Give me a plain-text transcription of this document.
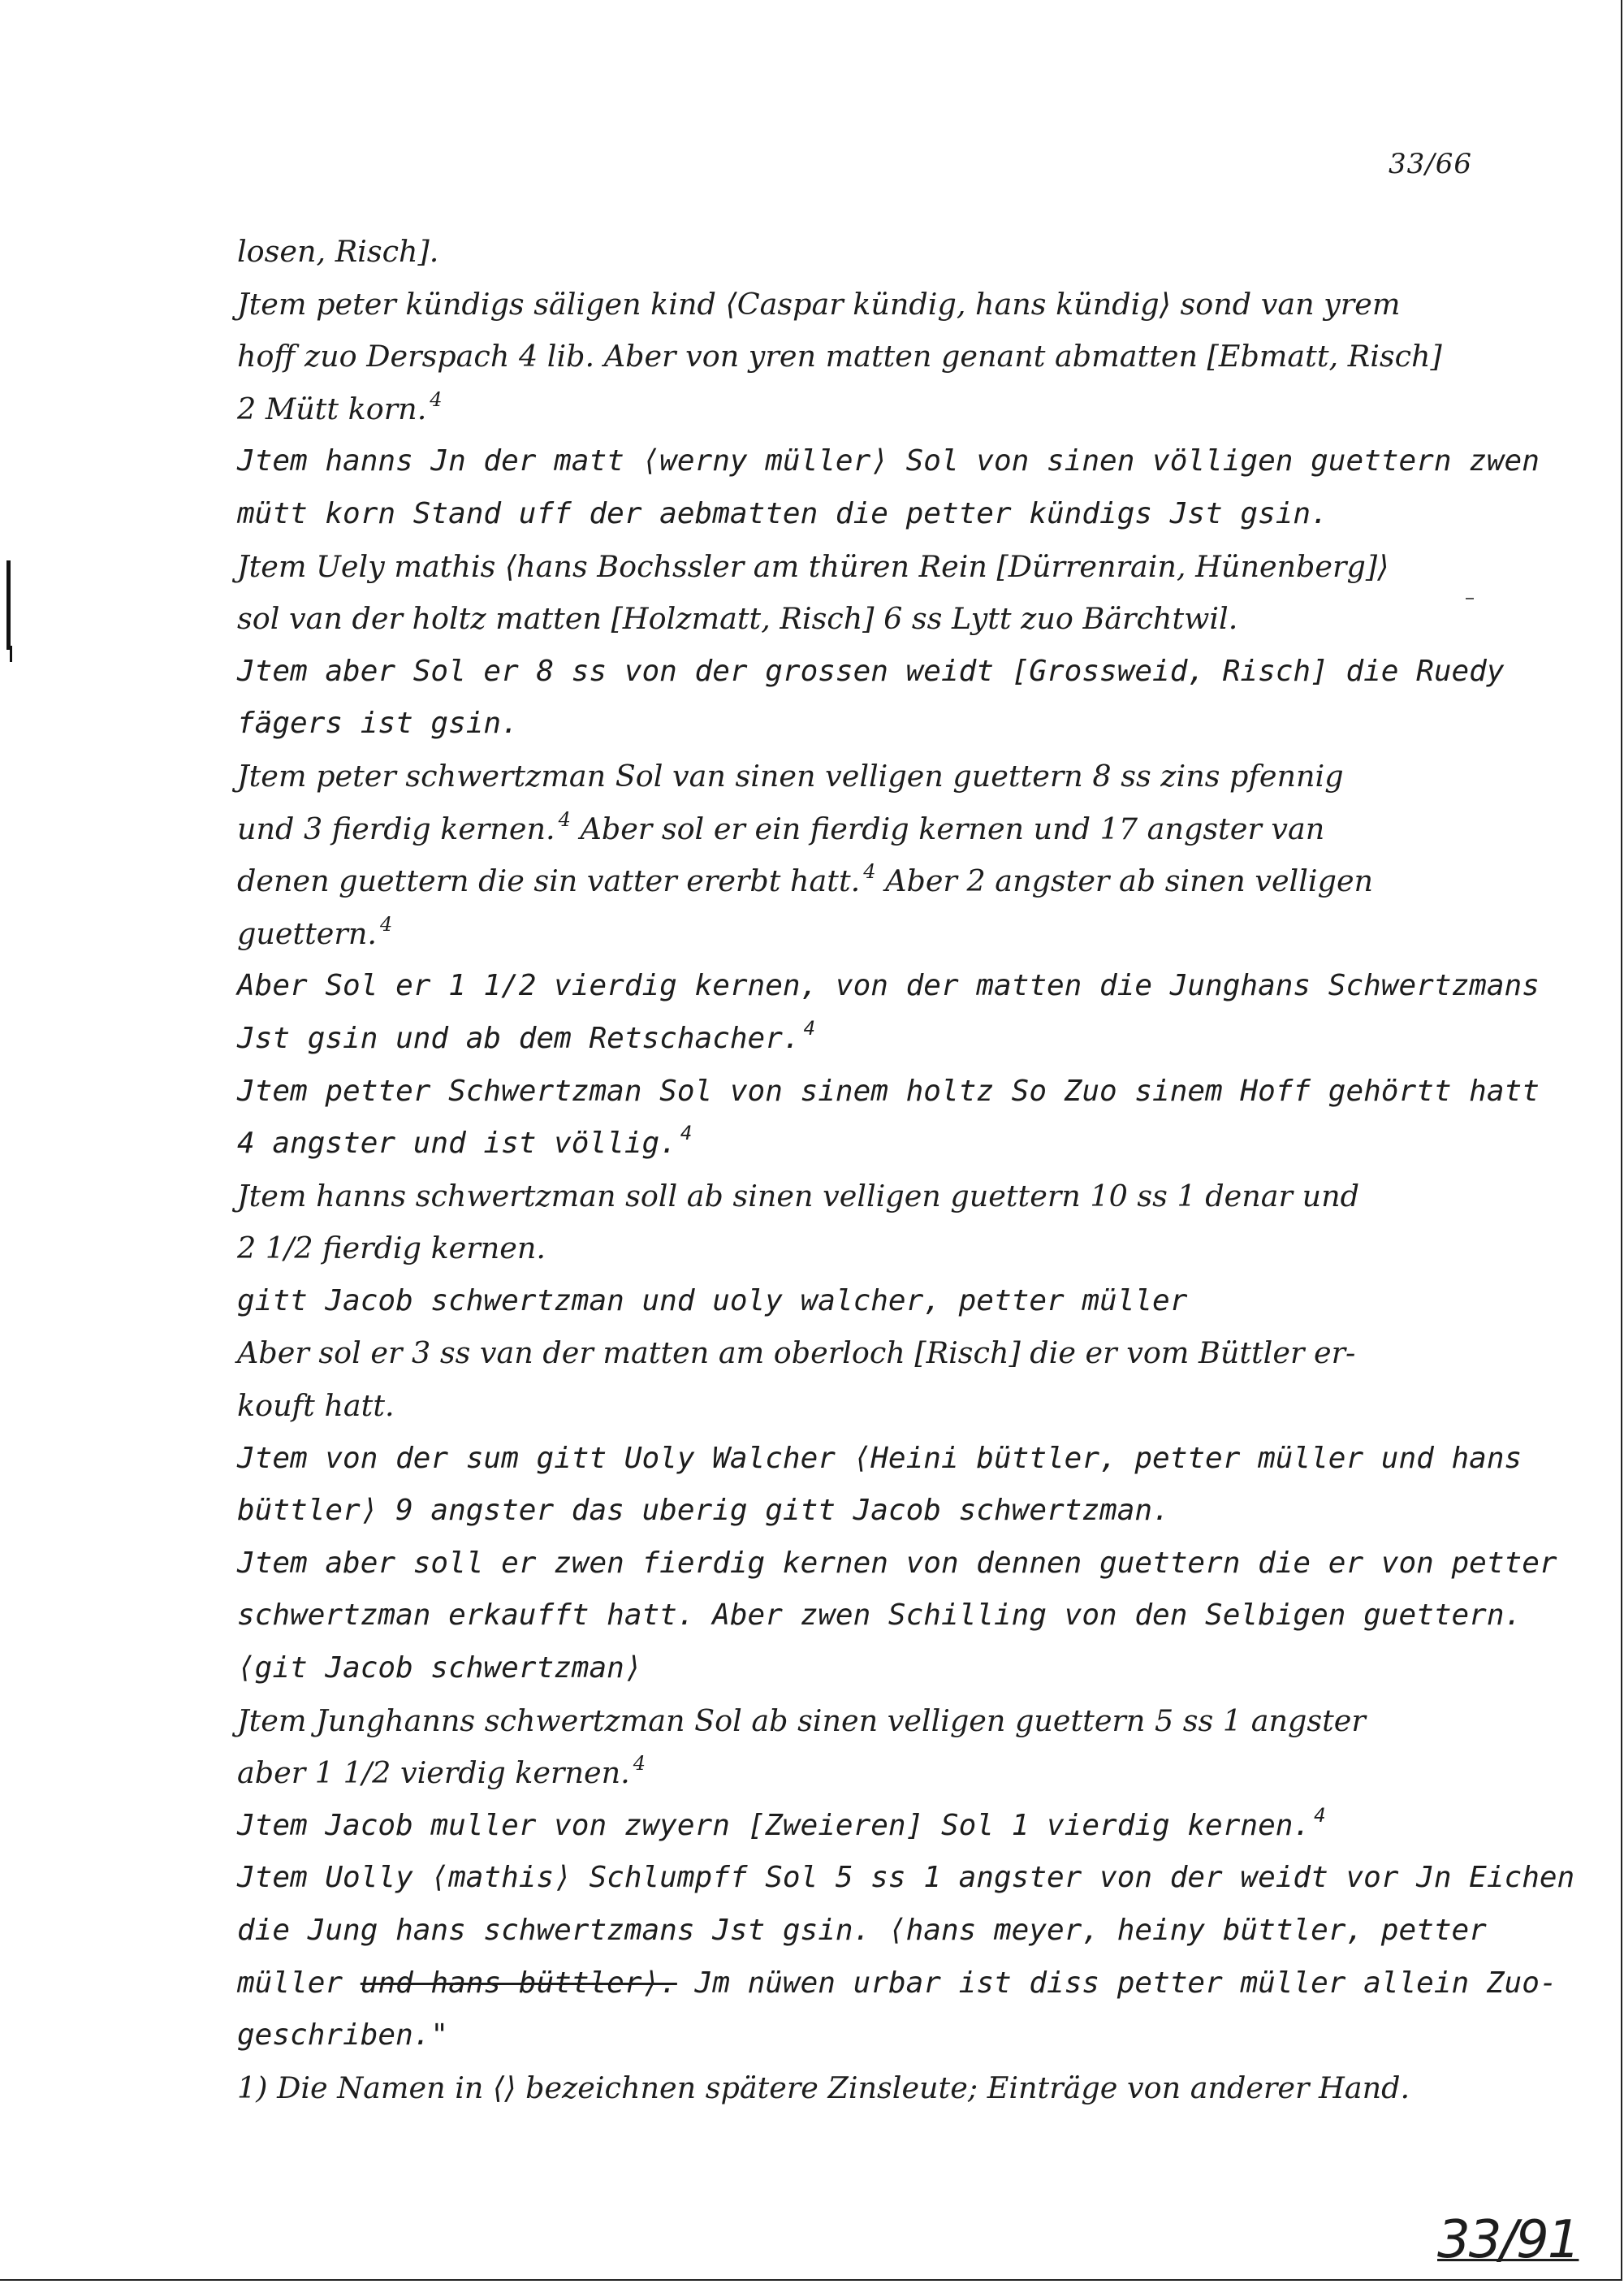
33/66
losen, Risch].
Jtem peter kündigs säligen kind ⟨Caspar kündig, hans kündig⟩ sond van yrem
hoff zuo Derspach 4 lib. Aber von yren matten genant abmatten [Ebmatt, Risch]
2 Mütt korn. $^4$
Jtem hanns Jn der matt ⟨werny müller⟩ Sol von sinen völligen guettern zwen
mütt korn Stand uff der aebmatten die petter kündigs Jst gsin.
Jtem Uely mathis ⟨hans Bochssler am thüren Rein [Dürrenrain, Hünenberg]⟩
sol van der holtz matten [Holzmatt, Risch] 6 ss Lytt zuo Bärchtwil.
Jtem aber Sol er 8 ss von der grossen weidt [Grossweid, Risch] die Ruedy
fägers ist gsin.
Jtem peter schwertzman Sol van sinen velligen guettern 8 ss zins pfennig
und 3 fierdig kernen. $^4$ Aber sol er ein fierdig kernen und 17 angster van
denen guettern die sin vatter ererbt hatt. $^4$ Aber 2 angster ab sinen velligen
guettern. $^4$
Aber Sol er 1 1/2 vierdig kernen, von der matten die Junghans Schwertzmans
Jst gsin und ab dem Retschacher. $^4$
Jtem petter Schwertzman Sol von sinem holtz So Zuo sinem Hoff gehörtt hatt
4 angster und ist völlig. $^4$
Jtem hanns schwertzman soll ab sinen velligen guettern 10 ss 1 denar und
2 1/2 fierdig kernen.
gitt Jacob schwertzman und uoly walcher, petter müller
Aber sol er 3 ss van der matten am oberloch [Risch] die er vom Büttler er-
kouft hatt.
Jtem von der sum gitt Uoly Walcher ⟨Heini büttler, petter müller und hans
büttler⟩ 9 angster das uberig gitt Jacob schwertzman.
Jtem aber soll er zwen fierdig kernen von dennen guettern die er von petter
schwertzman erkaufft hatt. Aber zwen Schilling von den Selbigen guettern.
⟨git Jacob schwertzman⟩
Jtem Junghanns schwertzman Sol ab sinen velligen guettern 5 ss 1 angster
aber 1 1/2 vierdig kernen. $^4$
Jtem Jacob muller von zwyern [Zweieren] Sol 1 vierdig kernen. $^4$
Jtem Uolly ⟨mathis⟩ Schlumpff Sol 5 ss 1 angster von der weidt vor Jn Eichen
die Jung hans schwertzmans Jst gsin. ⟨hans meyer, heiny büttler, petter
müller und hans büttler⟩. Jm nüwen urbar ist diss petter müller allein Zuo-
geschriben."
1) Die Namen in ⟨⟩ bezeichnen spätere Zinsleute; Einträge von anderer Hand.
33/91
